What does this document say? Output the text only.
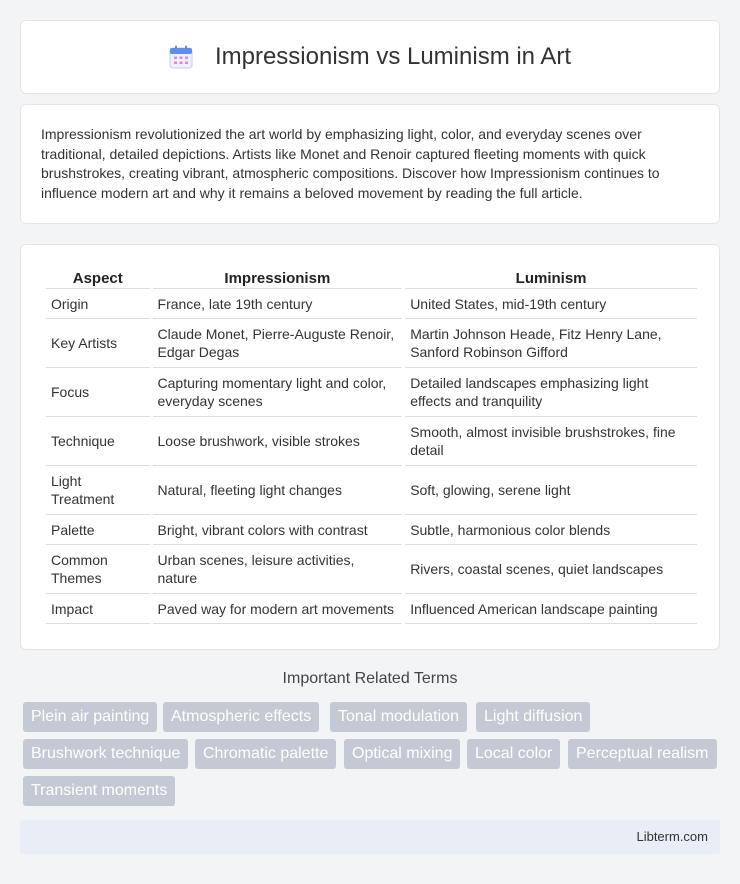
Impressionism vs Luminism in Art

Impressionism revolutionized the art world by emphasizing light, color, and everyday scenes over traditional, detailed depictions. Artists like Monet and Renoir captured fleeting moments with quick brushstrokes, creating vibrant, atmospheric compositions. Discover how Impressionism continues to influence modern art and why it remains a beloved movement by reading the full article.

Aspect	Impressionism	Luminism
Origin	France, late 19th century	United States, mid-19th century
Key Artists	Claude Monet, Pierre-Auguste Renoir, Edgar Degas	Martin Johnson Heade, Fitz Henry Lane, Sanford Robinson Gifford
Focus	Capturing momentary light and color, everyday scenes	Detailed landscapes emphasizing light effects and tranquility
Technique	Loose brushwork, visible strokes	Smooth, almost invisible brushstrokes, fine detail
Light Treatment	Natural, fleeting light changes	Soft, glowing, serene light
Palette	Bright, vibrant colors with contrast	Subtle, harmonious color blends
Common Themes	Urban scenes, leisure activities, nature	Rivers, coastal scenes, quiet landscapes
Impact	Paved way for modern art movements	Influenced American landscape painting
Important Related Terms
Plein air painting	Atmospheric effects	Tonal modulation	Light diffusion
Brushwork technique	Chromatic palette	Optical mixing	Local color	Perceptual realism
Transient moments
Libterm.com
